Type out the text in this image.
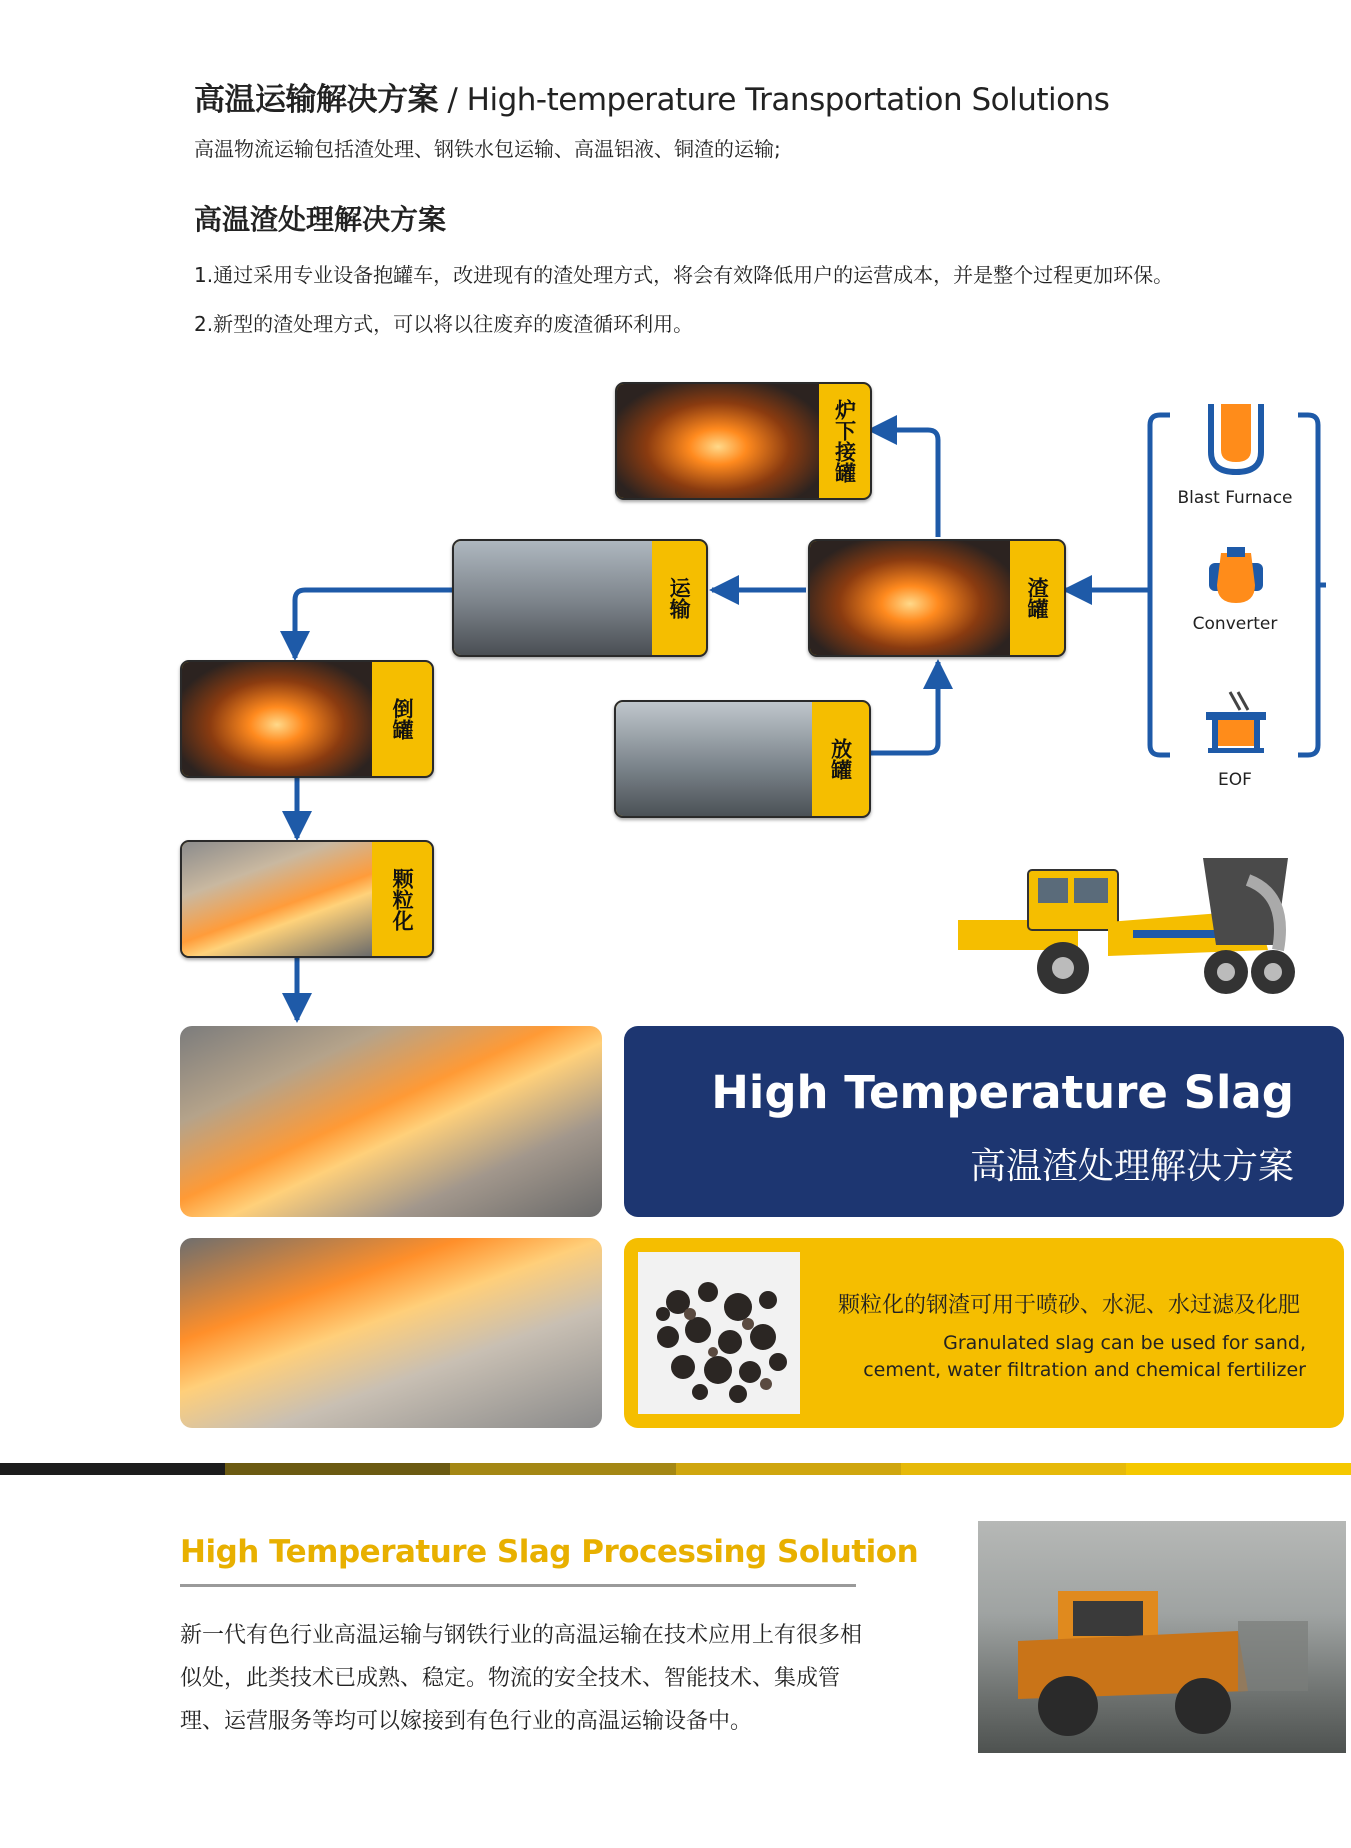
高温运输解决方案 / High-temperature Transportation Solutions
高温物流运输包括渣处理、钢铁水包运输、高温铝液、铜渣的运输;
高温渣处理解决方案
1.通过采用专业设备抱罐车，改进现有的渣处理方式，将会有效降低用户的运营成本，并是整个过程更加环保。
2.新型的渣处理方式，可以将以往废弃的废渣循环利用。
炉下接罐
渣罐
运输
倒罐
放罐
颗粒化
Blast Furnace
Converter
EOF
High Temperature Slag
高温渣处理解决方案
颗粒化的钢渣可用于喷砂、水泥、水过滤及化肥
Granulated slag can be used for sand,
cement, water filtration and chemical fertilizer
High Temperature Slag Processing Solution
新一代有色行业高温运输与钢铁行业的高温运输在技术应用上有很多相似处，此类技术已成熟、稳定。物流的安全技术、智能技术、集成管理、运营服务等均可以嫁接到有色行业的高温运输设备中。
